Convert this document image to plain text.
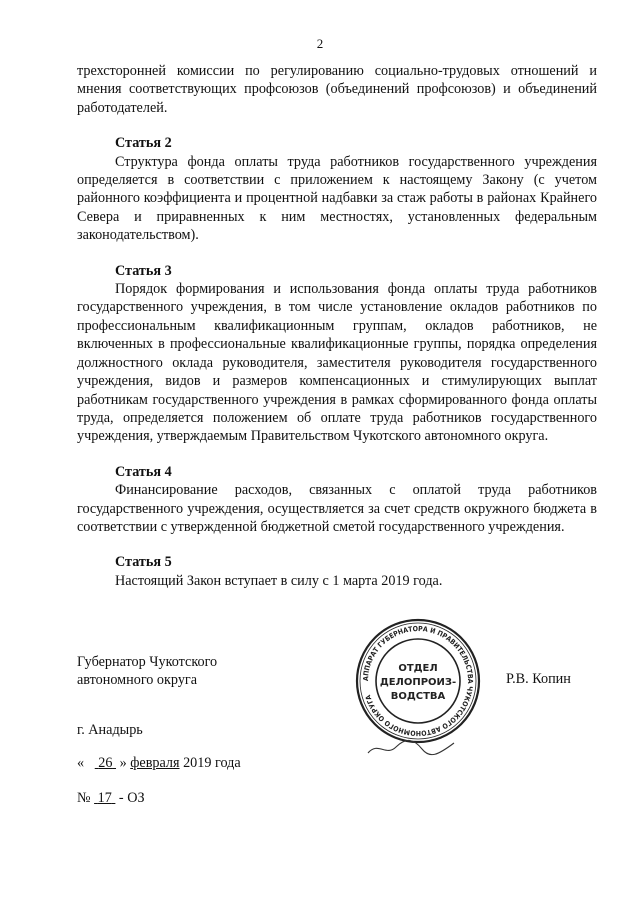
2

трехсторонней комиссии по регулированию социально-трудовых отношений и мнения соответствующих профсоюзов (объединений профсоюзов) и объединений работодателей.

Статья 2

Структура фонда оплаты труда работников государственного учреждения определяется в соответствии с приложением к настоящему Закону (с учетом районного коэффициента и процентной надбавки за стаж работы в районах Крайнего Севера и приравненных к ним местностях, установленных федеральным законодательством).

Статья 3

Порядок формирования и использования фонда оплаты труда работников государственного учреждения, в том числе установление окладов работников по профессиональным квалификационным группам, окладов работников, не включенных в профессиональные квалификационные группы, порядка определения должностного оклада руководителя, заместителя руководителя государственного учреждения, видов и размеров компенсационных и стимулирующих выплат работникам государственного учреждения в рамках сформированного фонда оплаты труда, определяется положением об оплате труда работников государственного учреждения, утверждаемым Правительством Чукотского автономного округа.

Статья 4

Финансирование расходов, связанных с оплатой труда работников государственного учреждения, осуществляется за счет средств окружного бюджета в соответствии с утвержденной бюджетной сметой государственного учреждения.

Статья 5

Настоящий Закон вступает в силу с 1 марта 2019 года.

Губернатор Чукотского
автономного округа	АППАРАТ ГУБЕРНАТОРА И ПРАВИТЕЛЬСТВА ЧУКОТСКОГО АВТОНОМНОГО ОКРУГА
ОТДЕЛ
ДЕЛОПРОИЗ-
ВОДСТВА
Р.В. Копин
г. Анадырь
« 26 » февраля 2019 года
№ 17 - ОЗ
